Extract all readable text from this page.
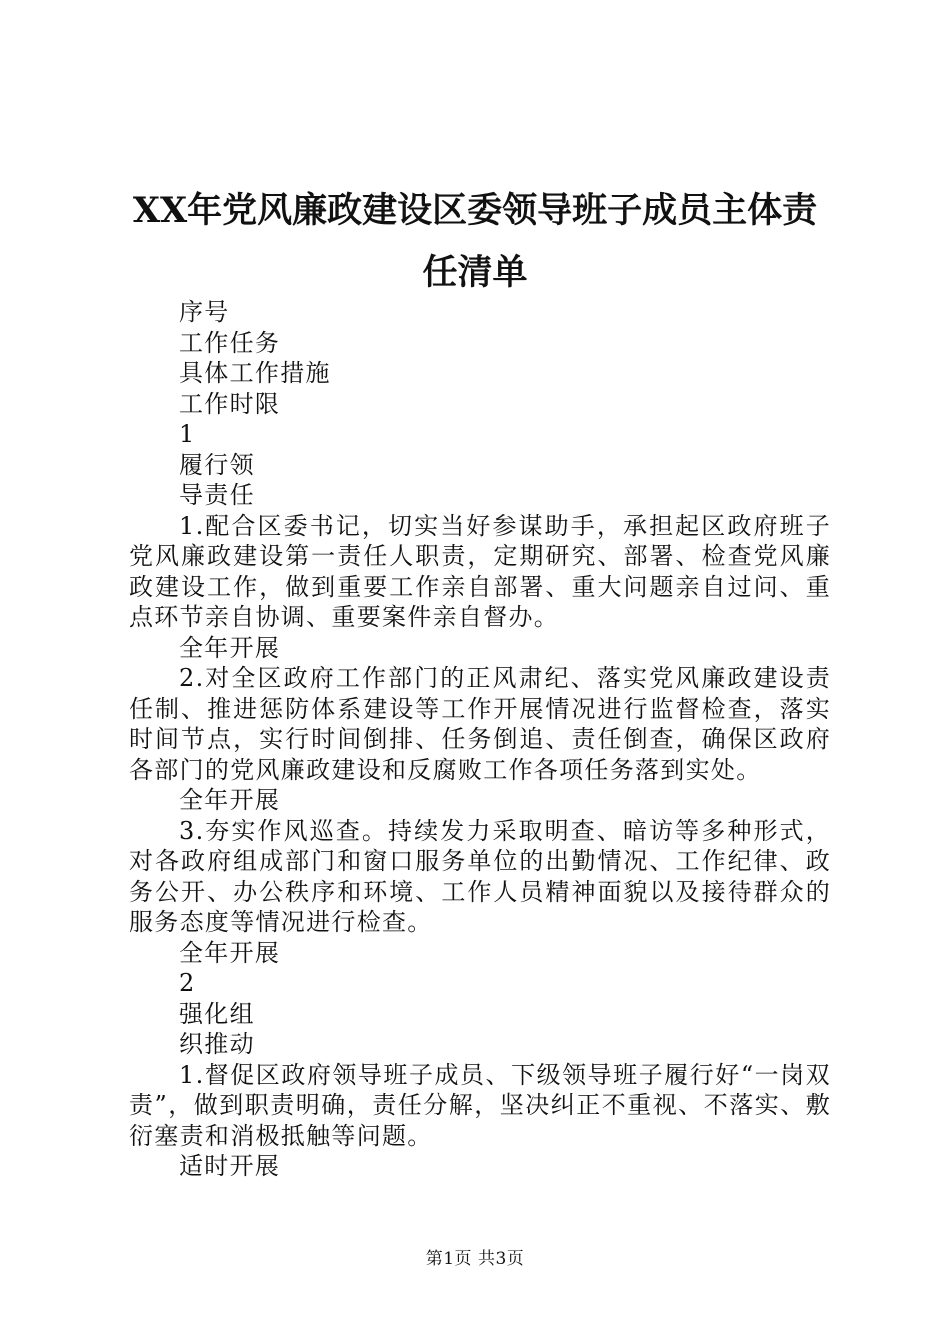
XX年党风廉政建设区委领导班子成员主体责
任清单

序号

工作任务

具体工作措施

工作时限

1

履行领

导责任

1.配合区委书记，切实当好参谋助手，承担起区政府班子党风廉政建设第一责任人职责，定期研究、部署、检查党风廉政建设工作，做到重要工作亲自部署、重大问题亲自过问、重点环节亲自协调、重要案件亲自督办。

全年开展

2.对全区政府工作部门的正风肃纪、落实党风廉政建设责任制、推进惩防体系建设等工作开展情况进行监督检查，落实时间节点，实行时间倒排、任务倒追、责任倒查，确保区政府各部门的党风廉政建设和反腐败工作各项任务落到实处。

全年开展

3.夯实作风巡查。持续发力采取明查、暗访等多种形式，对各政府组成部门和窗口服务单位的出勤情况、工作纪律、政务公开、办公秩序和环境、工作人员精神面貌以及接待群众的服务态度等情况进行检查。

全年开展

2

强化组

织推动

1.督促区政府领导班子成员、下级领导班子履行好“一岗双责”，做到职责明确，责任分解，坚决纠正不重视、不落实、敷衍塞责和消极抵触等问题。

适时开展

第1页 共3页
